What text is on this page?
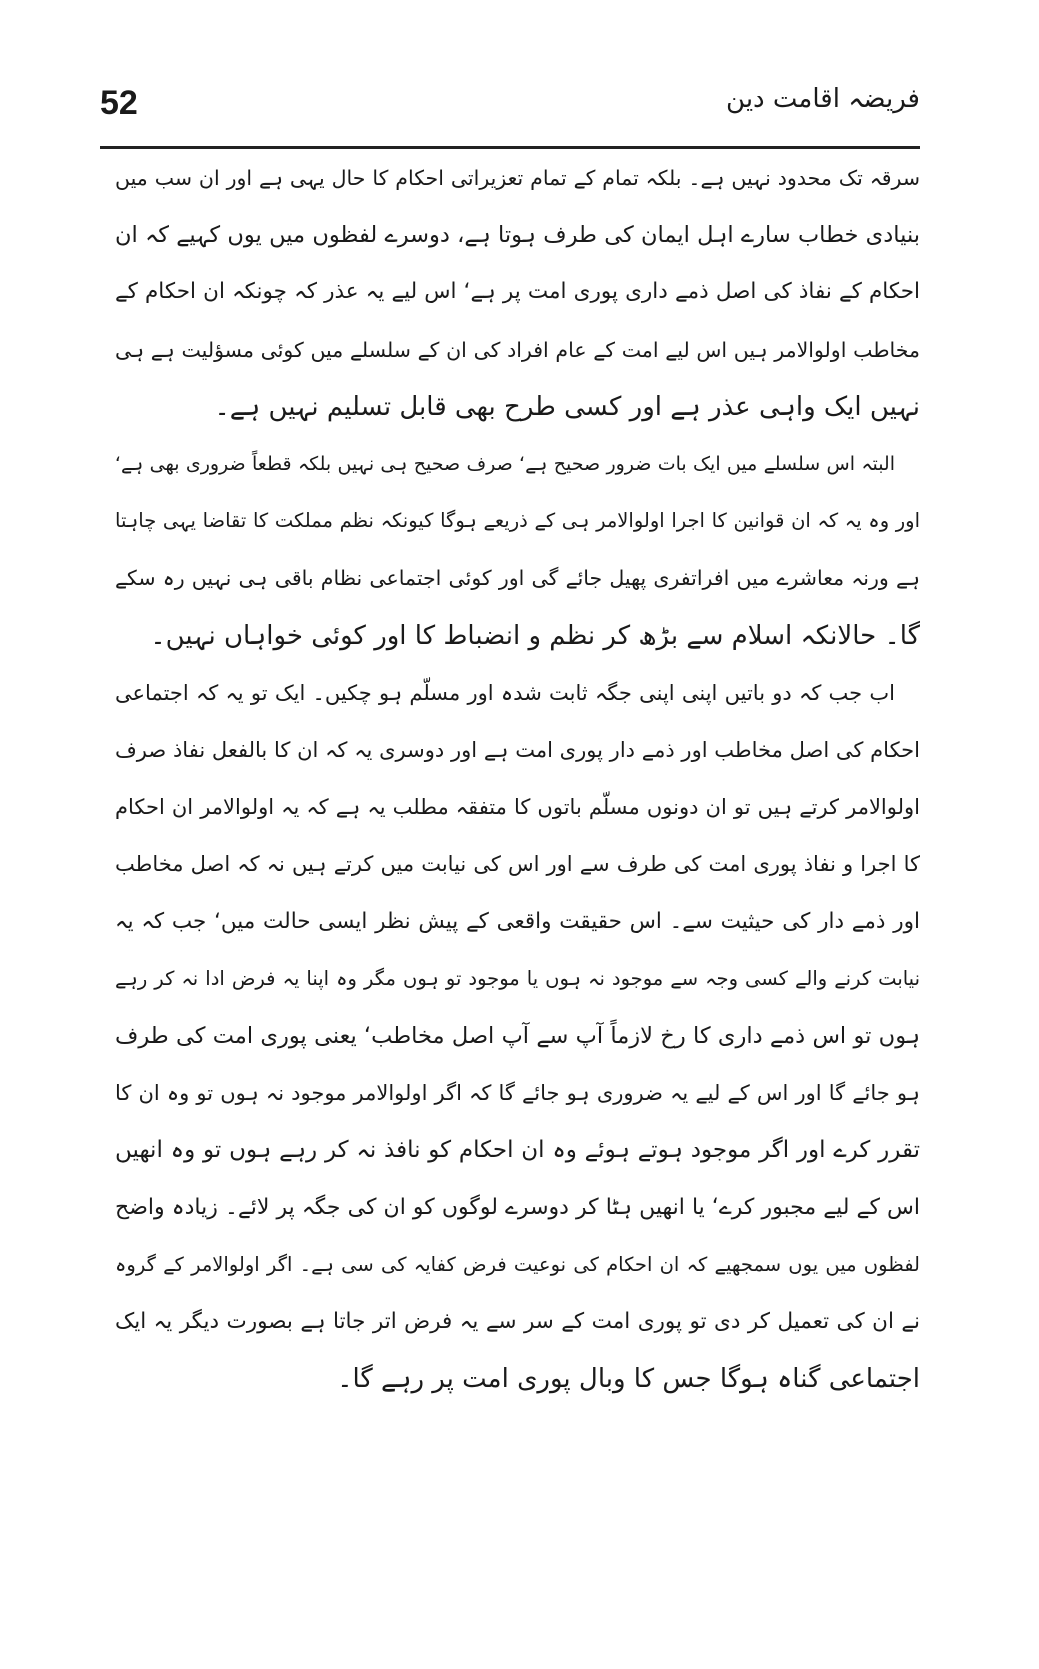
52	فریضہ اقامت دین
سرقہ تک محدود نہیں ہے۔ بلکہ تمام کے تمام تعزیراتی احکام کا حال یہی ہے اور ان سب میں
بنیادی خطاب سارے اہل ایمان کی طرف ہوتا ہے، دوسرے لفظوں میں یوں کہیے کہ ان
احکام کے نفاذ کی اصل ذمے داری پوری امت پر ہے‘ اس لیے یہ عذر کہ چونکہ ان احکام کے
مخاطب اولوالامر ہیں اس لیے امت کے عام افراد کی ان کے سلسلے میں کوئی مسؤلیت ہے ہی
نہیں ایک واہی عذر ہے اور کسی طرح بھی قابل تسلیم نہیں ہے۔
البتہ اس سلسلے میں ایک بات ضرور صحیح ہے‘ صرف صحیح ہی نہیں بلکہ قطعاً ضروری بھی ہے‘
اور وہ یہ کہ ان قوانین کا اجرا اولوالامر ہی کے ذریعے ہوگا کیونکہ نظم مملکت کا تقاضا یہی چاہتا
ہے ورنہ معاشرے میں افراتفری پھیل جائے گی اور کوئی اجتماعی نظام باقی ہی نہیں رہ سکے
گا۔ حالانکہ اسلام سے بڑھ کر نظم و انضباط کا اور کوئی خواہاں نہیں۔
اب جب کہ دو باتیں اپنی اپنی جگہ ثابت شدہ اور مسلّم ہو چکیں۔ ایک تو یہ کہ اجتماعی
احکام کی اصل مخاطب اور ذمے دار پوری امت ہے اور دوسری یہ کہ ان کا بالفعل نفاذ صرف
اولوالامر کرتے ہیں تو ان دونوں مسلّم باتوں کا متفقہ مطلب یہ ہے کہ یہ اولوالامر ان احکام
کا اجرا و نفاذ پوری امت کی طرف سے اور اس کی نیابت میں کرتے ہیں نہ کہ اصل مخاطب
اور ذمے دار کی حیثیت سے۔ اس حقیقت واقعی کے پیش نظر ایسی حالت میں‘ جب کہ یہ
نیابت کرنے والے کسی وجہ سے موجود نہ ہوں یا موجود تو ہوں مگر وہ اپنا یہ فرض ادا نہ کر رہے
ہوں تو اس ذمے داری کا رخ لازماً آپ سے آپ اصل مخاطب‘ یعنی پوری امت کی طرف
ہو جائے گا اور اس کے لیے یہ ضروری ہو جائے گا کہ اگر اولوالامر موجود نہ ہوں تو وہ ان کا
تقرر کرے اور اگر موجود ہوتے ہوئے وہ ان احکام کو نافذ نہ کر رہے ہوں تو وہ انھیں
اس کے لیے مجبور کرے‘ یا انھیں ہٹا کر دوسرے لوگوں کو ان کی جگہ پر لائے۔ زیادہ واضح
لفظوں میں یوں سمجھیے کہ ان احکام کی نوعیت فرض کفایہ کی سی ہے۔ اگر اولوالامر کے گروہ
نے ان کی تعمیل کر دی تو پوری امت کے سر سے یہ فرض اتر جاتا ہے بصورت دیگر یہ ایک
اجتماعی گناہ ہوگا جس کا وبال پوری امت پر رہے گا۔
